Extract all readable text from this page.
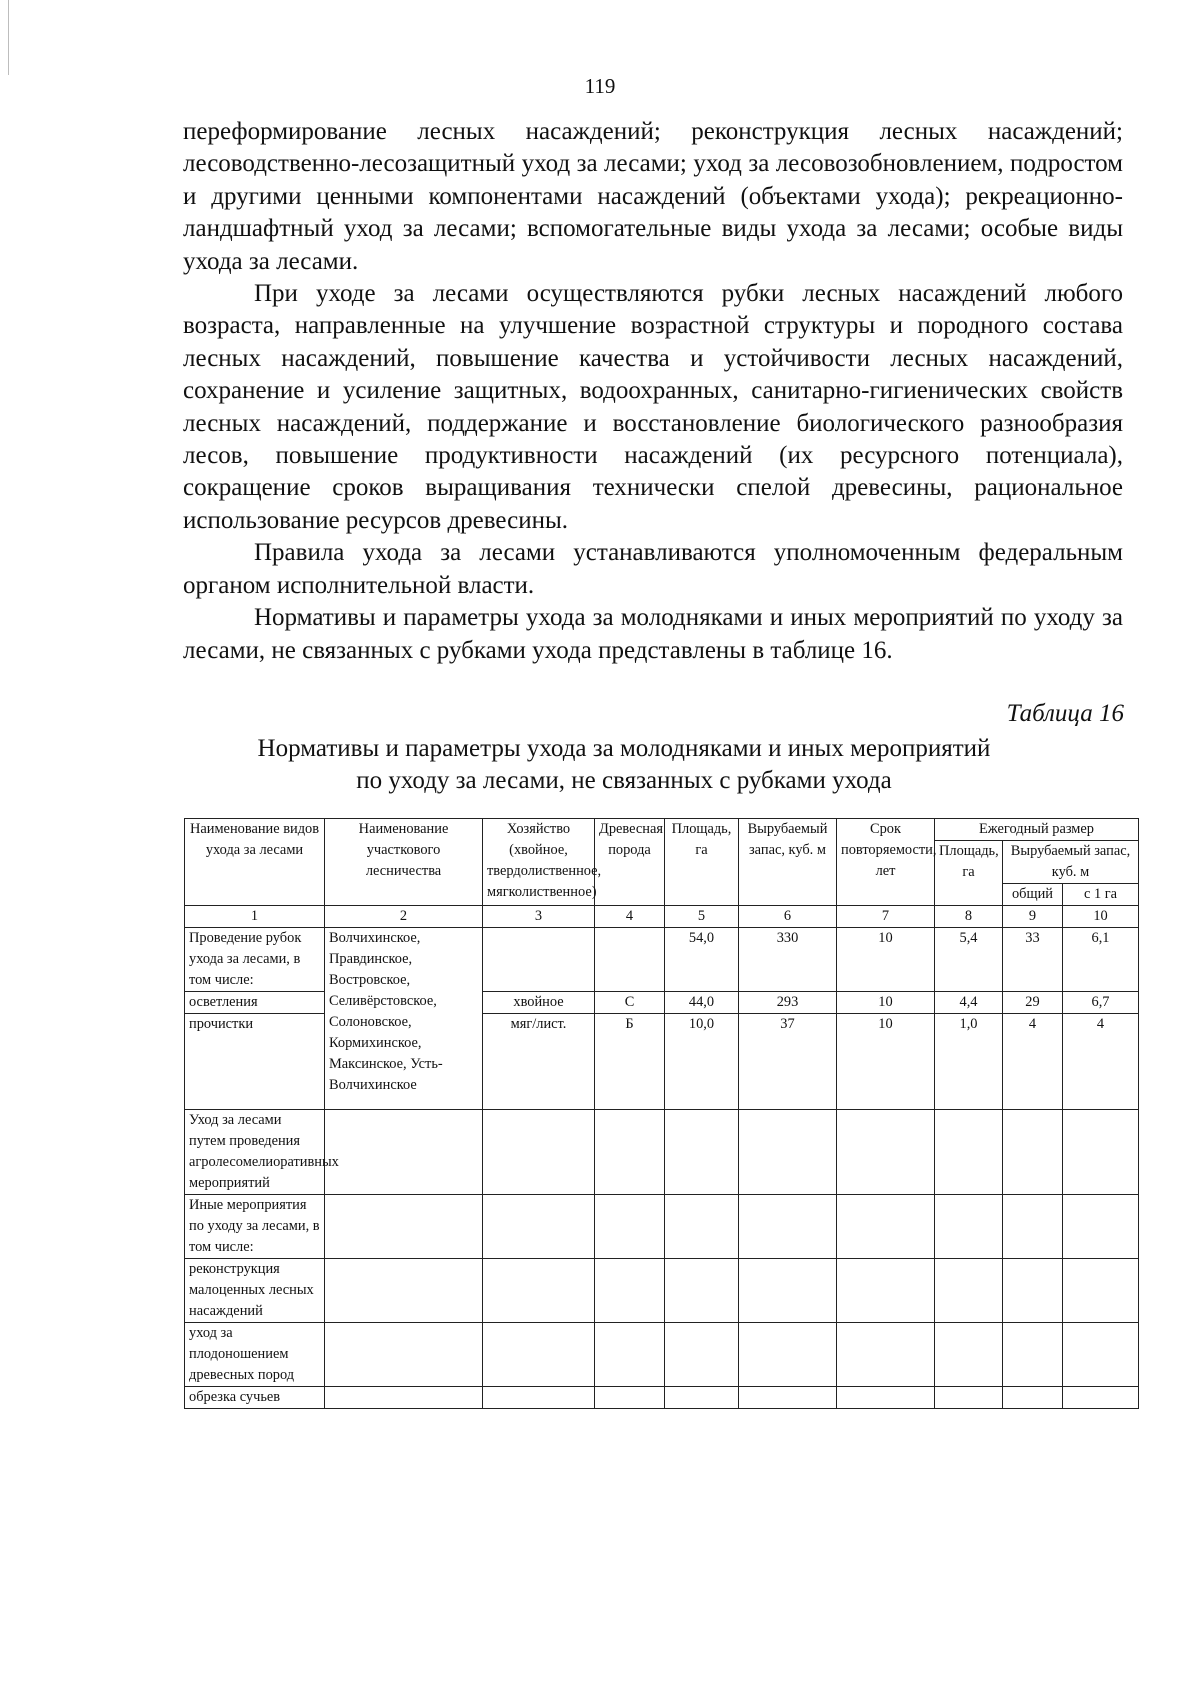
119

переформирование лесных насаждений; реконструкция лесных насаждений; лесоводственно-лесозащитный уход за лесами; уход за лесовозобновлением, подростом и другими ценными компонентами насаждений (объектами ухода); рекреационно-ландшафтный уход за лесами; вспомогательные виды ухода за лесами; особые виды ухода за лесами.

При уходе за лесами осуществляются рубки лесных насаждений любого возраста, направленные на улучшение возрастной структуры и породного состава лесных насаждений, повышение качества и устойчивости лесных насаждений, сохранение и усиление защитных, водоохранных, санитарно-гигиенических свойств лесных насаждений, поддержание и восстановление биологического разнообразия лесов, повышение продуктивности насаждений (их ресурсного потенциала), сокращение сроков выращивания технически спелой древесины, рациональное использование ресурсов древесины.

Правила ухода за лесами устанавливаются уполномоченным федеральным органом исполнительной власти.

Нормативы и параметры ухода за молодняками и иных мероприятий по уходу за лесами, не связанных с рубками ухода представлены в таблице 16.

Таблица 16
Нормативы и параметры ухода за молодняками и иных мероприятий
по уходу за лесами, не связанных с рубками ухода
Наименование видов ухода за лесами	Наименование участкового лесничества	Хозяйство (хвойное, твердолиственное, мягколиственное)	Древесная порода	Площадь, га	Вырубаемый запас, куб. м	Срок повторяемости, лет	Ежегодный размер		
							Площадь, га	Вырубаемый запас, куб. м	
								общий	с 1 га
1	2	3	4	5	6	7	8	9	10
Проведение рубок ухода за лесами, в том числе:	Волчихинское, Правдинское, Востровское, Селивёрстовское, Солоновское, Кормихинское, Максинское, Усть-Волчихинское			54,0	330	10	5,4	33	6,1
осветления		хвойное	С	44,0	293	10	4,4	29	6,7
прочистки		мяг/лист.	Б	10,0	37	10	1,0	4	4
Уход за лесами путем проведения агролесомелиоративных мероприятий									
Иные мероприятия по уходу за лесами, в том числе:									
реконструкция малоценных лесных насаждений									
уход за плодоношением древесных пород									
обрезка сучьев									
